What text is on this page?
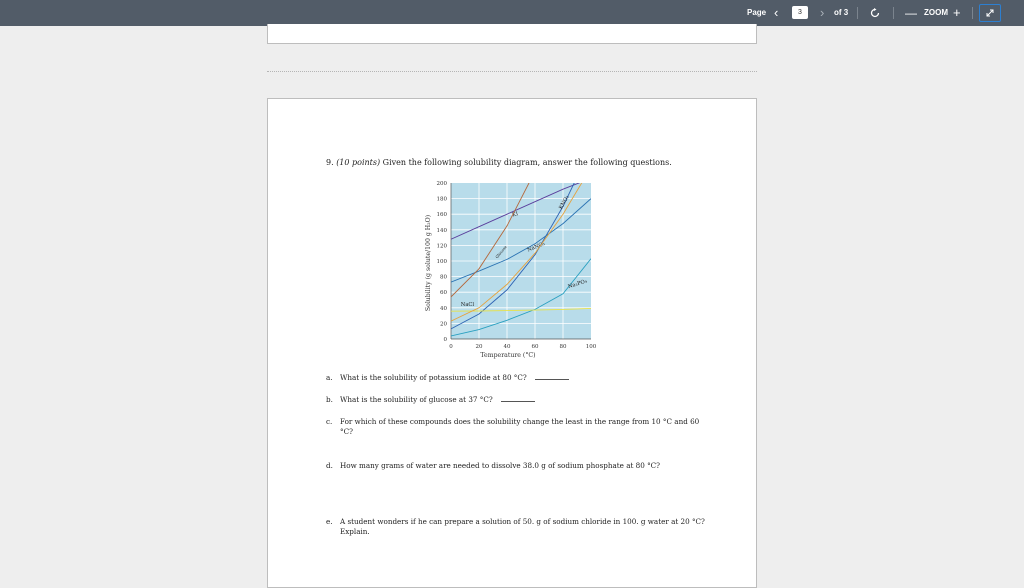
Page ‹	3	› of 3	— ZOOM +
9. (10 points) Given the following solubility diagram, answer the following questions.
Solubility (g solute/100 g H₂O)
Temperature (°C)
0	20	40	60	80	100
0
20
40
60
80
100
120
140
160
180
200
KI
KNO₃
NaNO₃
Glucose
Na₃PO₄
NaCl
a. What is the solubility of potassium iodide at 80 °C?
b. What is the solubility of glucose at 37 °C?
c. For which of these compounds does the solubility change the least in the range from 10 °C and 60 °C?
d. How many grams of water are needed to dissolve 38.0 g of sodium phosphate at 80 °C?
e. A student wonders if he can prepare a solution of 50. g of sodium chloride in 100. g water at 20 °C? Explain.
